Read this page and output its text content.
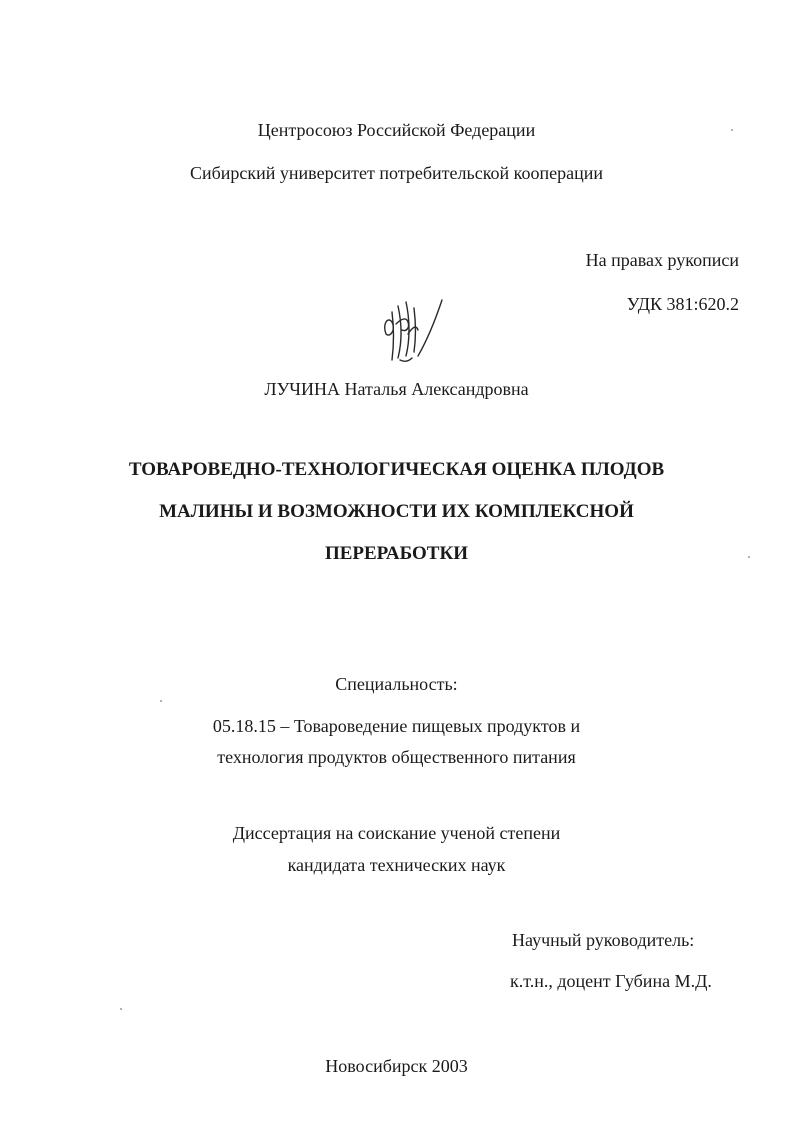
Центросоюз Российской Федерации
Сибирский университет потребительской кооперации
На правах рукописи
УДК 381:620.2
ЛУЧИНА Наталья Александровна
ТОВАРОВЕДНО-ТЕХНОЛОГИЧЕСКАЯ ОЦЕНКА ПЛОДОВ
МАЛИНЫ И ВОЗМОЖНОСТИ ИХ КОМПЛЕКСНОЙ
ПЕРЕРАБОТКИ
Специальность:
05.18.15 – Товароведение пищевых продуктов и
технология продуктов общественного питания
Диссертация на соискание ученой степени
кандидата технических наук
Научный руководитель:
к.т.н., доцент Губина М.Д.
Новосибирск 2003
